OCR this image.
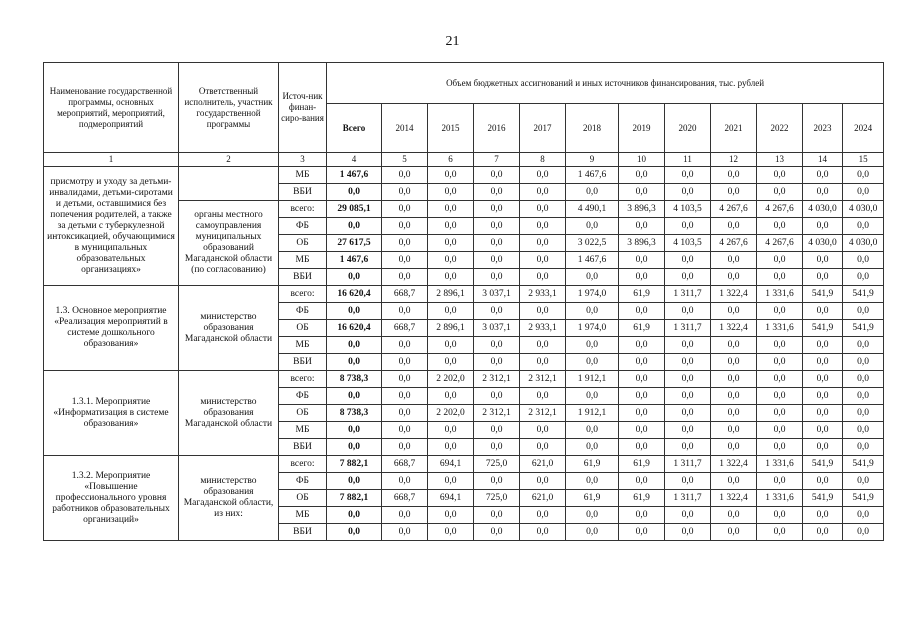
21
Наименование государственной программы, основных мероприятий, мероприятий, подмероприятий	Ответственный исполнитель, участник государственной программы	Источ-ник финан-сиро-вания	Объем бюджетных ассигнований и иных источников финансирования, тыс. рублей											
			Всего	2014	2015	2016	2017	2018	2019	2020	2021	2022	2023	2024
1	2	3	4	5	6	7	8	9	10	11	12	13	14	15
присмотру и уходу за детьми-инвалидами, детьми-сиротами и детьми, оставшимися без попечения родителей, а также за детьми с туберкулезной интоксикацией, обучающимися в муниципальных образовательных организациях»		МБ	1 467,6	0,0	0,0	0,0	0,0	1 467,6	0,0	0,0	0,0	0,0	0,0	0,0
		ВБИ	0,0	0,0	0,0	0,0	0,0	0,0	0,0	0,0	0,0	0,0	0,0	0,0
	органы местного самоуправления муниципальных образований Магаданской области (по согласованию)	всего:	29 085,1	0,0	0,0	0,0	0,0	4 490,1	3 896,3	4 103,5	4 267,6	4 267,6	4 030,0	4 030,0
		ФБ	0,0	0,0	0,0	0,0	0,0	0,0	0,0	0,0	0,0	0,0	0,0	0,0
		ОБ	27 617,5	0,0	0,0	0,0	0,0	3 022,5	3 896,3	4 103,5	4 267,6	4 267,6	4 030,0	4 030,0
		МБ	1 467,6	0,0	0,0	0,0	0,0	1 467,6	0,0	0,0	0,0	0,0	0,0	0,0
		ВБИ	0,0	0,0	0,0	0,0	0,0	0,0	0,0	0,0	0,0	0,0	0,0	0,0
1.3. Основное мероприятие «Реализация мероприятий в системе дошкольного образования»	министерство образования Магаданской области	всего:	16 620,4	668,7	2 896,1	3 037,1	2 933,1	1 974,0	61,9	1 311,7	1 322,4	1 331,6	541,9	541,9
		ФБ	0,0	0,0	0,0	0,0	0,0	0,0	0,0	0,0	0,0	0,0	0,0	0,0
		ОБ	16 620,4	668,7	2 896,1	3 037,1	2 933,1	1 974,0	61,9	1 311,7	1 322,4	1 331,6	541,9	541,9
		МБ	0,0	0,0	0,0	0,0	0,0	0,0	0,0	0,0	0,0	0,0	0,0	0,0
		ВБИ	0,0	0,0	0,0	0,0	0,0	0,0	0,0	0,0	0,0	0,0	0,0	0,0
1.3.1. Мероприятие «Информатизация в системе образования»	министерство образования Магаданской области	всего:	8 738,3	0,0	2 202,0	2 312,1	2 312,1	1 912,1	0,0	0,0	0,0	0,0	0,0	0,0
		ФБ	0,0	0,0	0,0	0,0	0,0	0,0	0,0	0,0	0,0	0,0	0,0	0,0
		ОБ	8 738,3	0,0	2 202,0	2 312,1	2 312,1	1 912,1	0,0	0,0	0,0	0,0	0,0	0,0
		МБ	0,0	0,0	0,0	0,0	0,0	0,0	0,0	0,0	0,0	0,0	0,0	0,0
		ВБИ	0,0	0,0	0,0	0,0	0,0	0,0	0,0	0,0	0,0	0,0	0,0	0,0
1.3.2. Мероприятие «Повышение профессионального уровня работников образовательных организаций»	министерство образования Магаданской области, из них:	всего:	7 882,1	668,7	694,1	725,0	621,0	61,9	61,9	1 311,7	1 322,4	1 331,6	541,9	541,9
		ФБ	0,0	0,0	0,0	0,0	0,0	0,0	0,0	0,0	0,0	0,0	0,0	0,0
		ОБ	7 882,1	668,7	694,1	725,0	621,0	61,9	61,9	1 311,7	1 322,4	1 331,6	541,9	541,9
		МБ	0,0	0,0	0,0	0,0	0,0	0,0	0,0	0,0	0,0	0,0	0,0	0,0
		ВБИ	0,0	0,0	0,0	0,0	0,0	0,0	0,0	0,0	0,0	0,0	0,0	0,0
